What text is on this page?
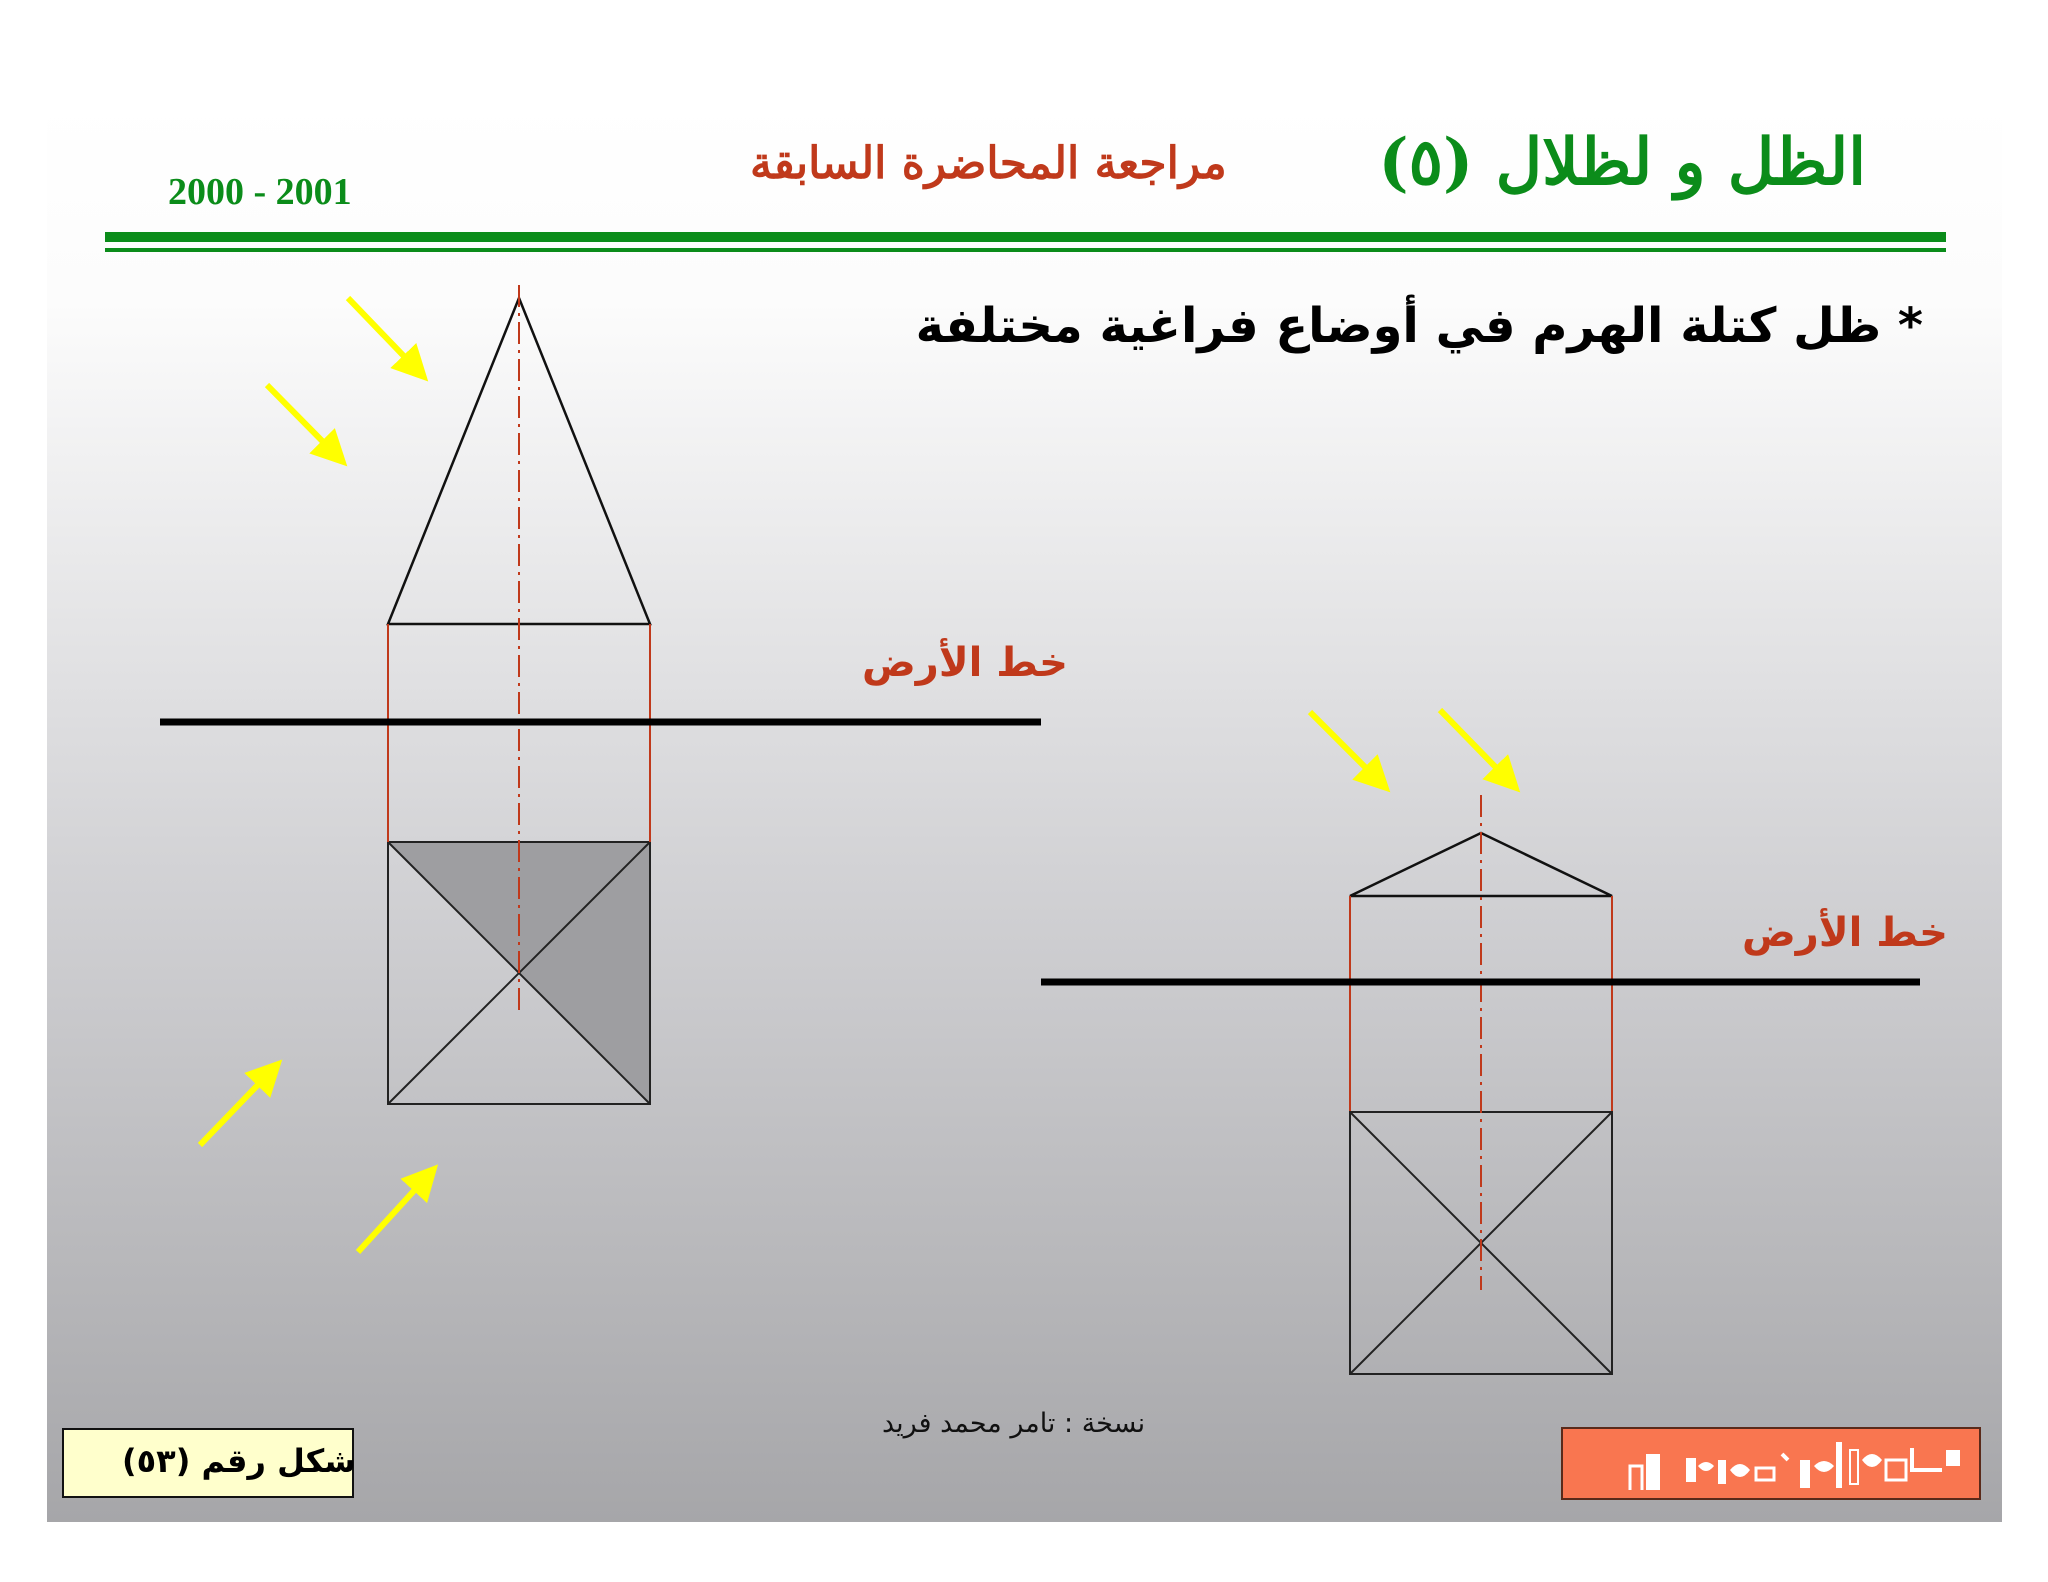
الظل و لظلال (٥)
مراجعة المحاضرة السابقة
2000 - 2001
* ظل كتلة الهرم في أوضاع فراغية مختلفة
خط الأرض
خط الأرض
نسخة : تامر محمد فريد
شكل رقم (٥٣)
